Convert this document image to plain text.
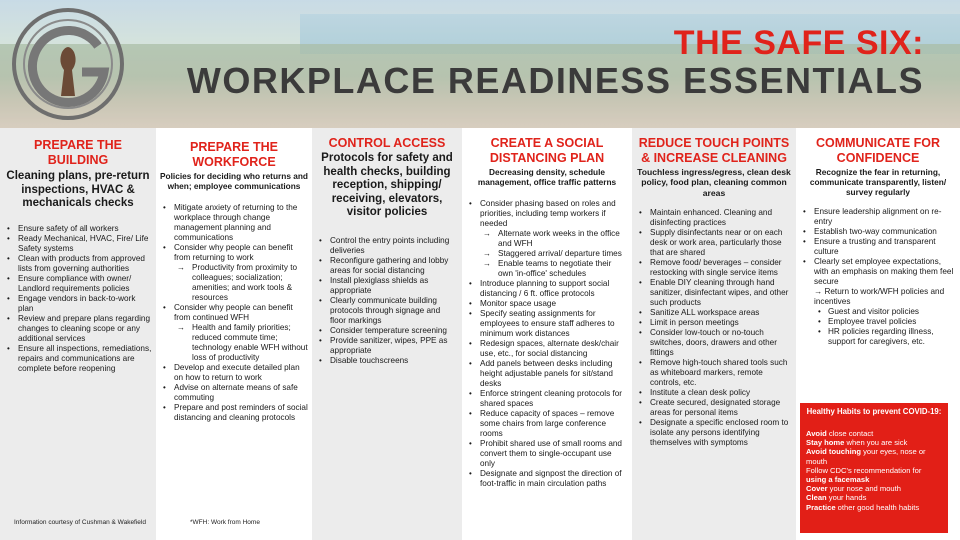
THE SAFE SIX:
WORKPLACE READINESS ESSENTIALS
PREPARE THE BUILDING
Cleaning plans, pre-return inspections, HVAC & mechanicals checks
• Ensure safety of all workers
• Ready Mechanical, HVAC, Fire/ Life Safety systems
• Clean with products from approved lists from governing authorities
• Ensure compliance with owner/ Landlord requirements policies
• Engage vendors in back-to-work plan
• Review and prepare plans regarding changes to cleaning scope or any additional services
• Ensure all inspections, remediations, repairs and communications are complete before reopening
Information courtesy of Cushman & Wakefield
PREPARE THE WORKFORCE
Policies for deciding who returns and when; employee communications
• Mitigate anxiety of returning to the workplace through change management planning and communications
• Consider why people can benefit from returning to work
→ Productivity from proximity to colleagues; socialization; amenities; and work tools & resources
• Consider why people can benefit from continued WFH
→ Health and family priorities; reduced commute time; technology enable WFH without loss of productivity
• Develop and execute detailed plan on how to return to work
• Advise on alternate means of safe commuting
• Prepare and post reminders of social distancing and cleaning protocols
*WFH: Work from Home
CONTROL ACCESS
Protocols for safety and health checks, building reception, shipping/ receiving, elevators, visitor policies
• Control the entry points including deliveries
• Reconfigure gathering and lobby areas for social distancing
• Install plexiglass shields as appropriate
• Clearly communicate building protocols through signage and floor markings
• Consider temperature screening
• Provide sanitizer, wipes, PPE as appropriate
• Disable touchscreens
CREATE A SOCIAL DISTANCING PLAN
Decreasing density, schedule management, office traffic patterns
• Consider phasing based on roles and priorities, including temp workers if needed
→ Alternate work weeks in the office and WFH
→ Staggered arrival/ departure times
→ Enable teams to negotiate their own 'in-office' schedules
• Introduce planning to support social distancing / 6 ft. office protocols
• Monitor space usage
• Specify seating assignments for employees to ensure staff adheres to minimum work distances
• Redesign spaces, alternate desk/chair use, etc., for social distancing
• Add panels between desks including height adjustable panels for sit/stand desks
• Enforce stringent cleaning protocols for shared spaces
• Reduce capacity of spaces – remove some chairs from large conference rooms
• Prohibit shared use of small rooms and convert them to single-occupant use only
• Designate and signpost the direction of foot-traffic in main circulation paths
REDUCE TOUCH POINTS & INCREASE CLEANING
Touchless ingress/egress, clean desk policy, food plan, cleaning common areas
• Maintain enhanced. Cleaning and disinfecting practices
• Supply disinfectants near or on each desk or work area, particularly those that are shared
• Remove food/ beverages – consider restocking with single service items
• Enable DIY cleaning through hand sanitizer, disinfectant wipes, and other such products
• Sanitize ALL workspace areas
• Limit in person meetings
• Consider low-touch or no-touch switches, doors, drawers and other fittings
• Remove high-touch shared tools such as whiteboard markers, remote controls, etc.
• Institute a clean desk policy
• Create secured, designated storage areas for personal items
• Designate a specific enclosed room to isolate any persons identifying themselves with symptoms
COMMUNICATE FOR CONFIDENCE
Recognize the fear in returning, communicate transparently, listen/ survey regularly
• Ensure leadership alignment on re-entry
• Establish two-way communication
• Ensure a trusting and transparent culture
• Clearly set employee expectations, with an emphasis on making them feel secure
→ Return to work/WFH policies and incentives
• Guest and visitor policies
• Employee travel policies
• HR policies regarding illness, support for caregivers, etc.
Healthy Habits to prevent COVID-19:
Avoid close contact
Stay home when you are sick
Avoid touching your eyes, nose or mouth
Follow CDC's recommendation for using a facemask
Cover your nose and mouth
Clean your hands
Practice other good health habits
